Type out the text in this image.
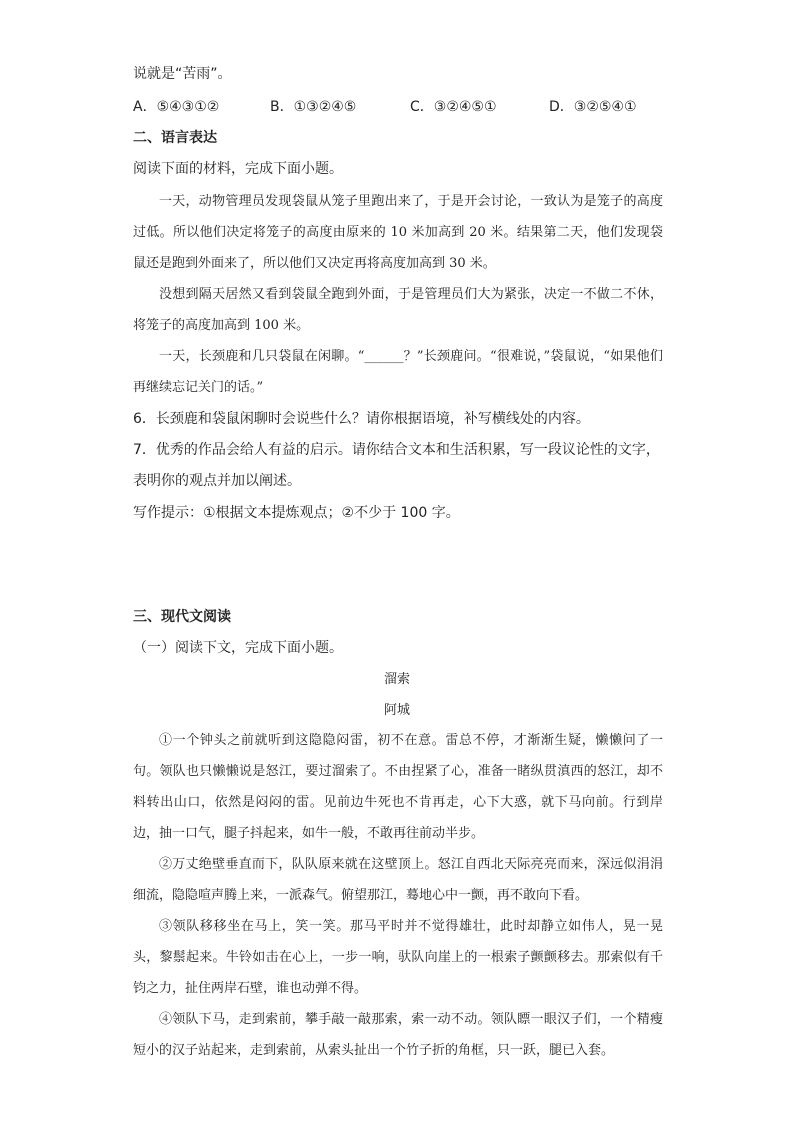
说就是“苦雨”。
A．⑤④③①②	B．①③②④⑤	C．③②④⑤①	D．③②⑤④①
二、语言表达
阅读下面的材料，完成下面小题。
一天，动物管理员发现袋鼠从笼子里跑出来了，于是开会讨论，一致认为是笼子的高度过低。所以他们决定将笼子的高度由原来的 10 米加高到 20 米。结果第二天，他们发现袋鼠还是跑到外面来了，所以他们又决定再将高度加高到 30 米。
没想到隔天居然又看到袋鼠全跑到外面，于是管理员们大为紧张，决定一不做二不休，将笼子的高度加高到 100 米。
一天，长颈鹿和几只袋鼠在闲聊。“______？”长颈鹿问。“很难说，”袋鼠说，“如果他们再继续忘记关门的话。”
6．长颈鹿和袋鼠闲聊时会说些什么？请你根据语境，补写横线处的内容。
7．优秀的作品会给人有益的启示。请你结合文本和生活积累，写一段议论性的文字，
表明你的观点并加以阐述。
写作提示：①根据文本提炼观点；②不少于 100 字。
三、现代文阅读
（一）阅读下文，完成下面小题。
溜索
阿城
①一个钟头之前就听到这隐隐闷雷，初不在意。雷总不停，才渐渐生疑，懒懒问了一句。领队也只懒懒说是怒江，要过溜索了。不由捏紧了心，准备一睹纵贯滇西的怒江，却不料转出山口，依然是闷闷的雷。见前边牛死也不肯再走，心下大惑，就下马向前。行到岸边，抽一口气，腿子抖起来，如牛一般，不敢再往前动半步。
②万丈绝壁垂直而下，队队原来就在这壁顶上。怒江自西北天际亮亮而来，深远似涓涓细流，隐隐喧声腾上来，一派森气。俯望那江，蓦地心中一颤，再不敢向下看。
③领队移移坐在马上，笑一笑。那马平时并不觉得雄壮，此时却静立如伟人，晃一晃头，黎鬃起来。牛铃如击在心上，一步一响，驮队向崖上的一根索子颤颤移去。那索似有千钧之力，扯住两岸石壁，谁也动弹不得。
④领队下马，走到索前，攀手敲一敲那索，索一动不动。领队瞟一眼汉子们，一个精瘦短小的汉子站起来，走到索前，从索头扯出一个竹子折的角框，只一跃，腿已入套。
